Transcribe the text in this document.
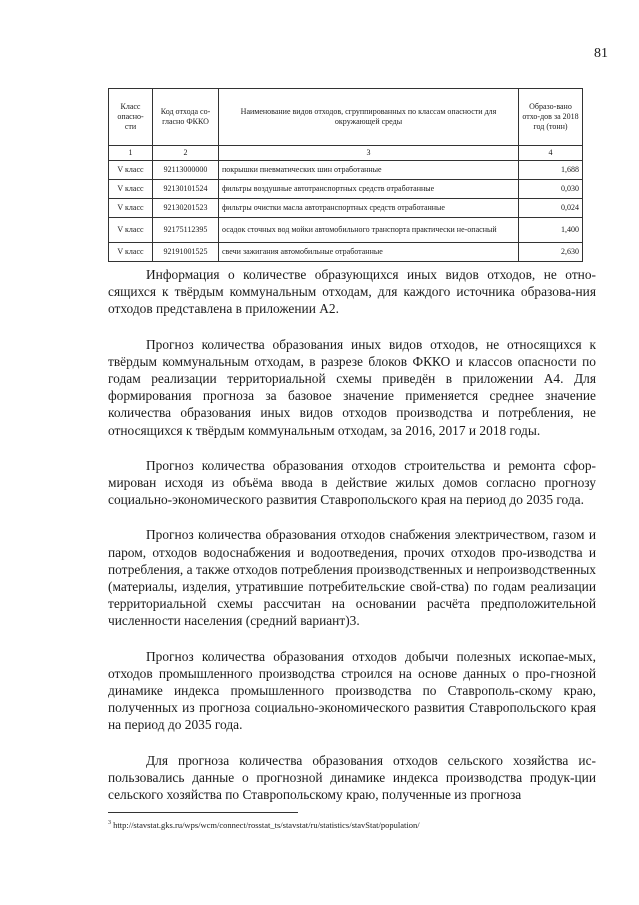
81
Класс опасно-сти	Код отхода со-гласно ФККО	Наименование видов отходов, сгруппированных по классам опасности для окружающей среды	Образо-вано отхо-дов за 2018 год (тонн)
1	2	3	4
V класс	92113000000	покрышки пневматических шин отработанные	1,688
V класс	92130101524	фильтры воздушные автотранспортных средств отработанные	0,030
V класс	92130201523	фильтры очистки масла автотранспортных средств отработанные	0,024
V класс	92175112395	осадок сточных вод мойки автомобильного транспорта практически не-опасный	1,400
V класс	92191001525	свечи зажигания автомобильные отработанные	2,630

Информация о количестве образующихся иных видов отходов, не отно-сящихся к твёрдым коммунальным отходам, для каждого источника образова-ния отходов представлена в приложении А2.

Прогноз количества образования иных видов отходов, не относящихся к твёрдым коммунальным отходам, в разрезе блоков ФККО и классов опасности по годам реализации территориальной схемы приведён в приложении А4. Для формирования прогноза за базовое значение применяется среднее значение количества образования иных видов отходов производства и потребления, не относящихся к твёрдым коммунальным отходам, за 2016, 2017 и 2018 годы.

Прогноз количества образования отходов строительства и ремонта сфор-мирован исходя из объёма ввода в действие жилых домов согласно прогнозу социально-экономического развития Ставропольского края на период до 2035 года.

Прогноз количества образования отходов снабжения электричеством, газом и паром, отходов водоснабжения и водоотведения, прочих отходов про-изводства и потребления, а также отходов потребления производственных и непроизводственных (материалы, изделия, утратившие потребительские свой-ства) по годам реализации территориальной схемы рассчитан на основании расчёта предположительной численности населения (средний вариант)3.

Прогноз количества образования отходов добычи полезных ископае-мых, отходов промышленного производства строился на основе данных о про-гнозной динамике индекса промышленного производства по Ставрополь-скому краю, полученных из прогноза социально-экономического развития Ставропольского края на период до 2035 года.

Для прогноза количества образования отходов сельского хозяйства ис-пользовались данные о прогнозной динамике индекса производства продук-ции сельского хозяйства по Ставропольскому краю, полученные из прогноза

$^3$ http://stavstat.gks.ru/wps/wcm/connect/rosstat_ts/stavstat/ru/statistics/stavStat/population/
